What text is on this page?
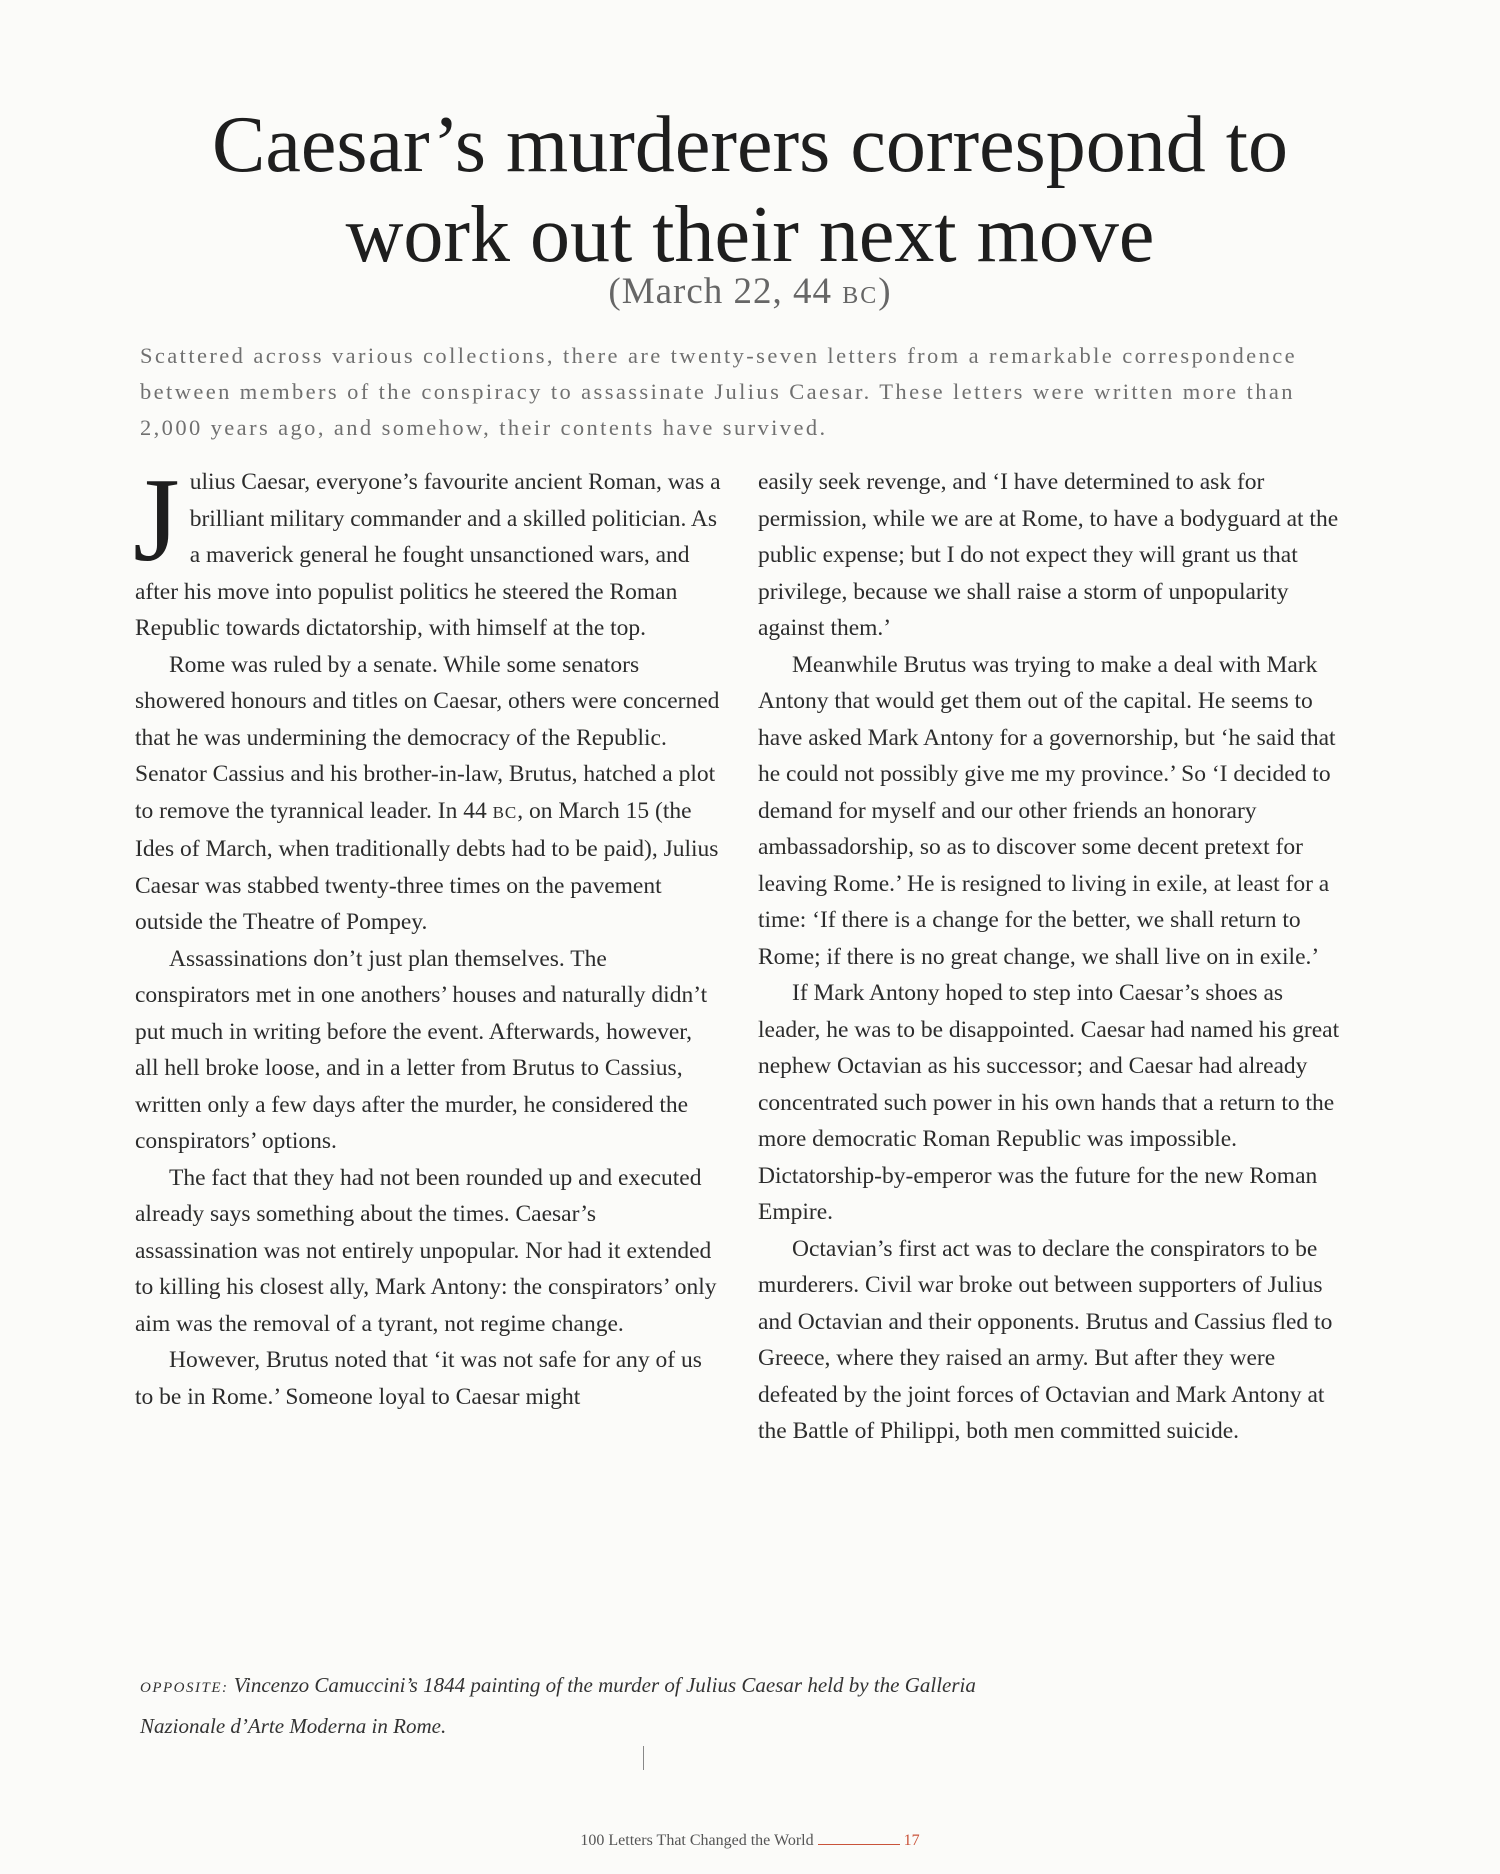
Caesar’s murderers correspond to
work out their next move
(March 22, 44 BC)

Scattered across various collections, there are twenty-seven letters from a remarkable correspondence between members of the conspiracy to assassinate Julius Caesar. These letters were written more than 2,000 years ago, and somehow, their contents have survived.

Julius Caesar, everyone’s favourite ancient Roman, was a brilliant military commander and a skilled politician. As a maverick general he fought unsanctioned wars, and after his move into populist politics he steered the Roman Republic towards dictatorship, with himself at the top.

Rome was ruled by a senate. While some senators showered honours and titles on Caesar, others were concerned that he was undermining the democracy of the Republic. Senator Cassius and his brother-in-law, Brutus, hatched a plot to remove the tyrannical leader. In 44 BC, on March 15 (the Ides of March, when traditionally debts had to be paid), Julius Caesar was stabbed twenty-three times on the pavement outside the Theatre of Pompey.

Assassinations don’t just plan themselves. The conspirators met in one anothers’ houses and naturally didn’t put much in writing before the event. Afterwards, however, all hell broke loose, and in a letter from Brutus to Cassius, written only a few days after the murder, he considered the conspirators’ options.

The fact that they had not been rounded up and executed already says something about the times. Caesar’s assassination was not entirely unpopular. Nor had it extended to killing his closest ally, Mark Antony: the conspirators’ only aim was the removal of a tyrant, not regime change.

However, Brutus noted that ‘it was not safe for any of us to be in Rome.’ Someone loyal to Caesar might

easily seek revenge, and ‘I have determined to ask for permission, while we are at Rome, to have a bodyguard at the public expense; but I do not expect they will grant us that privilege, because we shall raise a storm of unpopularity against them.’

Meanwhile Brutus was trying to make a deal with Mark Antony that would get them out of the capital. He seems to have asked Mark Antony for a governorship, but ‘he said that he could not possibly give me my province.’ So ‘I decided to demand for myself and our other friends an honorary ambassadorship, so as to discover some decent pretext for leaving Rome.’ He is resigned to living in exile, at least for a time: ‘If there is a change for the better, we shall return to Rome; if there is no great change, we shall live on in exile.’

If Mark Antony hoped to step into Caesar’s shoes as leader, he was to be disappointed. Caesar had named his great nephew Octavian as his successor; and Caesar had already concentrated such power in his own hands that a return to the more democratic Roman Republic was impossible. Dictatorship-by-emperor was the future for the new Roman Empire.

Octavian’s first act was to declare the conspirators to be murderers. Civil war broke out between supporters of Julius and Octavian and their opponents. Brutus and Cassius fled to Greece, where they raised an army. But after they were defeated by the joint forces of Octavian and Mark Antony at the Battle of Philippi, both men committed suicide.

OPPOSITE: Vincenzo Camuccini’s 1844 painting of the murder of Julius Caesar held by the Galleria Nazionale d’Arte Moderna in Rome.
100 Letters That Changed the World	17
